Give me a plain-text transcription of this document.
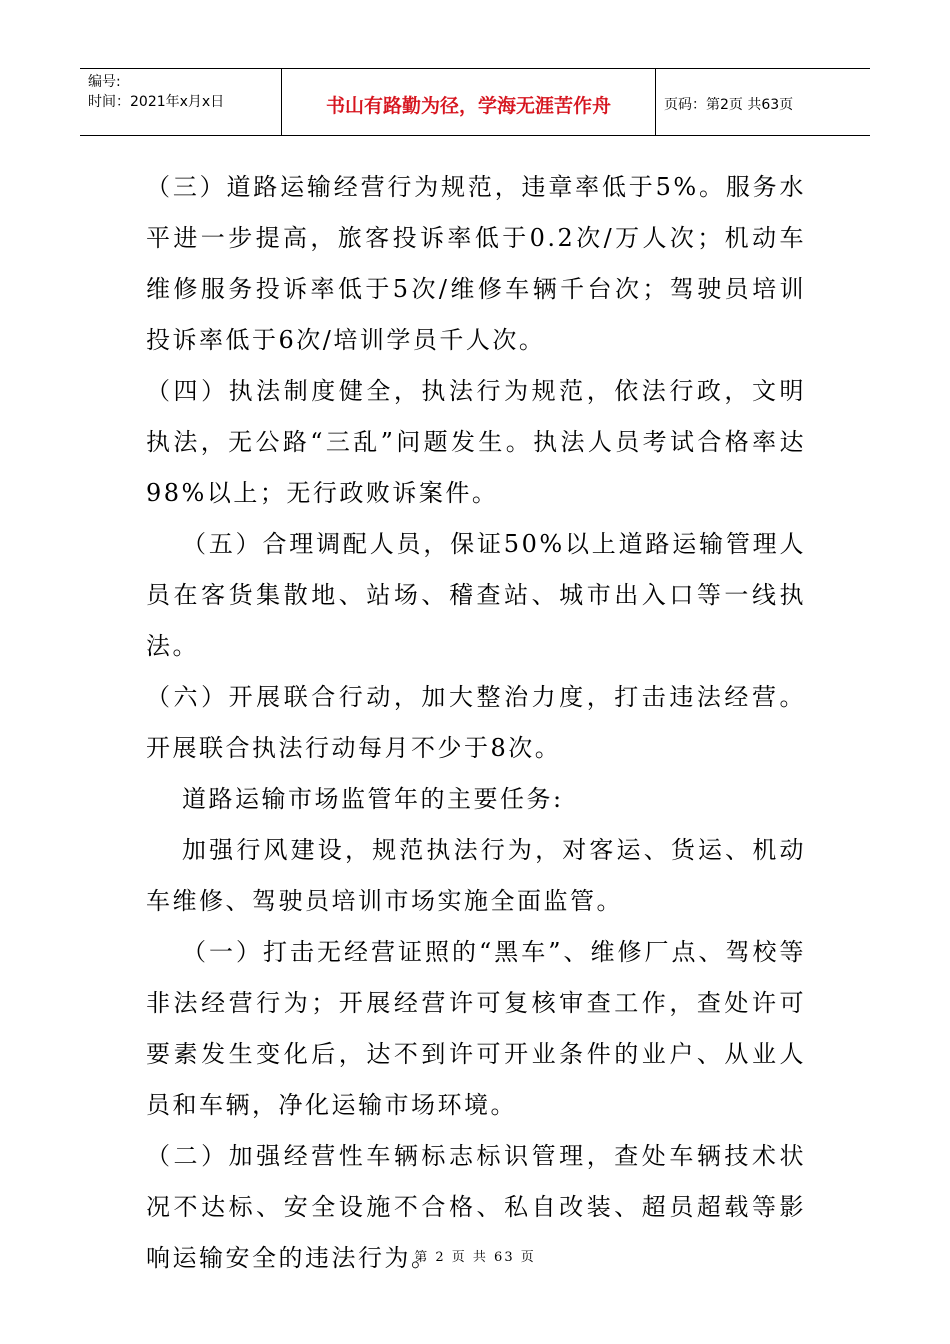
编号:
时间：2021年x月x日	书山有路勤为径，学海无涯苦作舟	页码：第2页 共63页

（三）道路运输经营行为规范，违章率低于5%。服务水平进一步提高，旅客投诉率低于0.2次/万人次；机动车维修服务投诉率低于5次/维修车辆千台次；驾驶员培训投诉率低于6次/培训学员千人次。

（四）执法制度健全，执法行为规范，依法行政，文明执法，无公路“三乱”问题发生。执法人员考试合格率达98%以上；无行政败诉案件。

（五）合理调配人员，保证50%以上道路运输管理人员在客货集散地、站场、稽查站、城市出入口等一线执法。

（六）开展联合行动，加大整治力度，打击违法经营。开展联合执法行动每月不少于8次。

道路运输市场监管年的主要任务:

加强行风建设，规范执法行为，对客运、货运、机动车维修、驾驶员培训市场实施全面监管。

（一）打击无经营证照的“黑车”、维修厂点、驾校等非法经营行为；开展经营许可复核审查工作，查处许可要素发生变化后，达不到许可开业条件的业户、从业人员和车辆，净化运输市场环境。

（二）加强经营性车辆标志标识管理，查处车辆技术状况不达标、安全设施不合格、私自改装、超员超载等影响运输安全的违法行为。

第 2 页 共 63 页
